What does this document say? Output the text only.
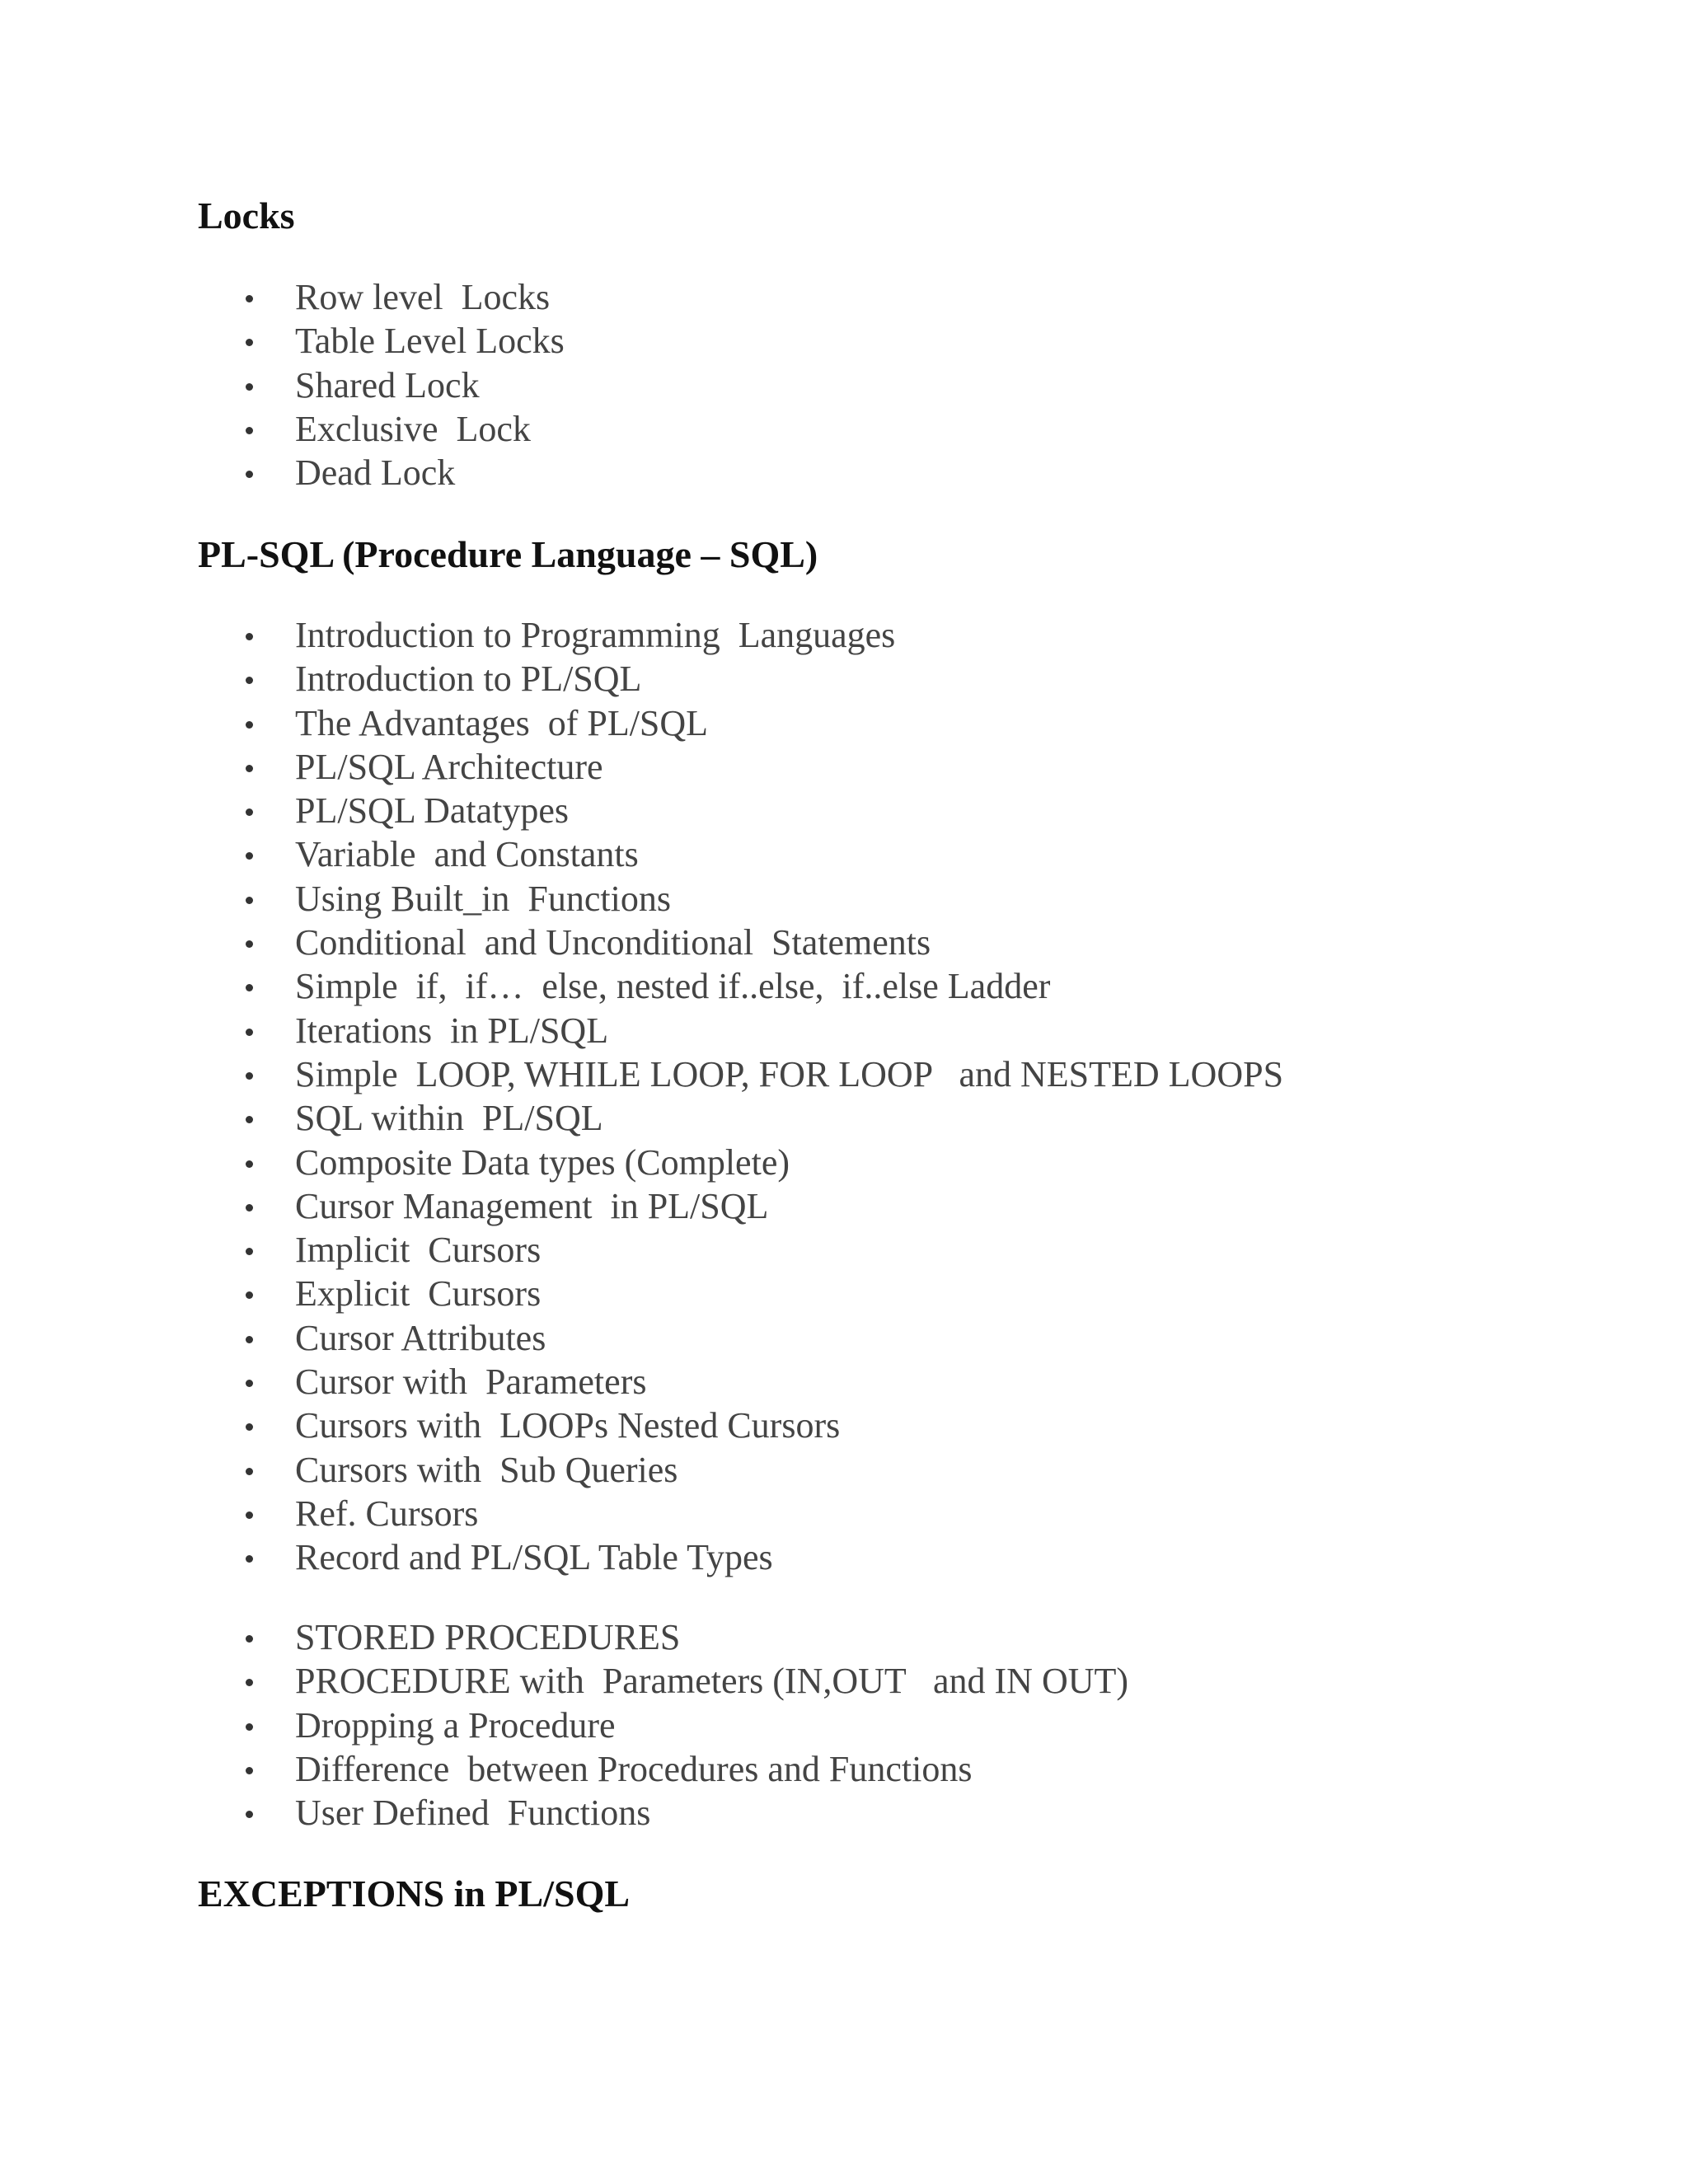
Locks
Row level  Locks
Table Level Locks
Shared Lock
Exclusive  Lock
Dead Lock
PL-SQL (Procedure Language – SQL)
Introduction to Programming  Languages
Introduction to PL/SQL
The Advantages  of PL/SQL
PL/SQL Architecture
PL/SQL Datatypes
Variable  and Constants
Using Built_in  Functions
Conditional  and Unconditional  Statements
Simple  if,  if…  else, nested if..else,  if..else Ladder
Iterations  in PL/SQL
Simple  LOOP, WHILE LOOP, FOR LOOP   and NESTED LOOPS
SQL within  PL/SQL
Composite Data types (Complete)
Cursor Management  in PL/SQL
Implicit  Cursors
Explicit  Cursors
Cursor Attributes
Cursor with  Parameters
Cursors with  LOOPs Nested Cursors
Cursors with  Sub Queries
Ref. Cursors
Record and PL/SQL Table Types
STORED PROCEDURES
PROCEDURE with  Parameters (IN,OUT   and IN OUT)
Dropping a Procedure
Difference  between Procedures and Functions
User Defined  Functions
EXCEPTIONS in PL/SQL
